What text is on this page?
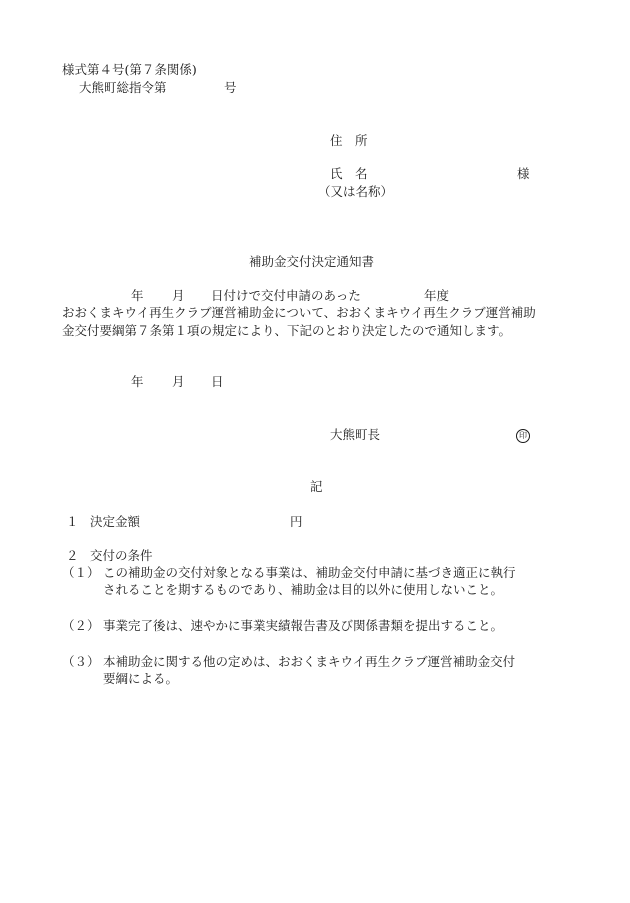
様式第４号(第７条関係)
大熊町総指令第	号
住　所
氏　名	様
（又は名称）
補助金交付決定通知書
年 月 日付けで交付申請のあった	年度
おおくまキウイ再生クラブ運営補助金について、おおくまキウイ再生クラブ運営補助
金交付要綱第７条第１項の規定により、下記のとおり決定したので通知します。
年 月 日
大熊町長	印
記
１ 決定金額	円
２ 交付の条件
（１） この補助金の交付対象となる事業は、補助金交付申請に基づき適正に執行
されることを期するものであり、補助金は目的以外に使用しないこと。
（２） 事業完了後は、速やかに事業実績報告書及び関係書類を提出すること。
（３） 本補助金に関する他の定めは、おおくまキウイ再生クラブ運営補助金交付
要綱による。
